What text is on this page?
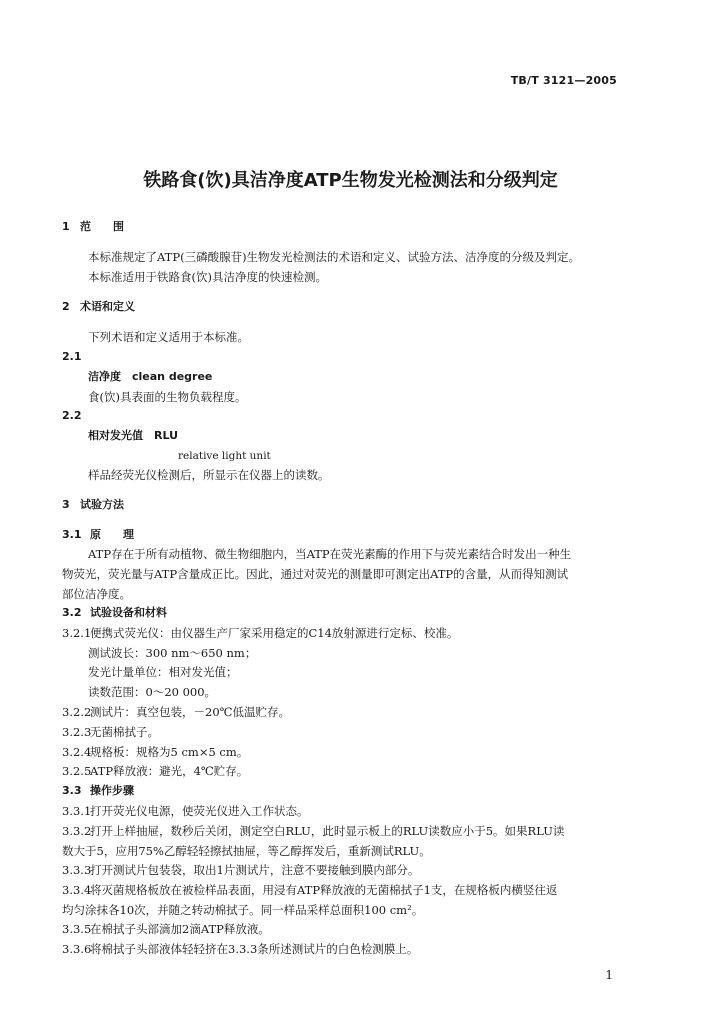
TB/T 3121—2005
铁路食(饮)具洁净度ATP生物发光检测法和分级判定
1 范　　围
本标准规定了ATP(三磷酸腺苷)生物发光检测法的术语和定义、试验方法、洁净度的分级及判定。
本标准适用于铁路食(饮)具洁净度的快速检测。
2 术语和定义
下列术语和定义适用于本标准。
2.1
洁净度　clean degree
食(饮)具表面的生物负载程度。
2.2
相对发光值　RLU
relative light unit
样品经荧光仪检测后，所显示在仪器上的读数。
3 试验方法
3.1 原　　理
ATP存在于所有动植物、微生物细胞内，当ATP在荧光素酶的作用下与荧光素结合时发出一种生
物荧光，荧光量与ATP含量成正比。因此，通过对荧光的测量即可测定出ATP的含量，从而得知测试
部位洁净度。
3.2 试验设备和材料
3.2.1便携式荧光仪：由仪器生产厂家采用稳定的C14放射源进行定标、校准。
测试波长：300 nm～650 nm；
发光计量单位：相对发光值；
读数范围：0～20 000。
3.2.2测试片：真空包装，－20℃低温贮存。
3.2.3无菌棉拭子。
3.2.4规格板：规格为5 cm×5 cm。
3.2.5ATP释放液：避光，4℃贮存。
3.3 操作步骤
3.3.1打开荧光仪电源，使荧光仪进入工作状态。
3.3.2打开上样抽屉，数秒后关闭，测定空白RLU，此时显示板上的RLU读数应小于5。如果RLU读
数大于5，应用75%乙醇轻轻擦拭抽屉，等乙醇挥发后，重新测试RLU。
3.3.3打开测试片包装袋，取出1片测试片，注意不要接触到膜内部分。
3.3.4将灭菌规格板放在被检样品表面，用浸有ATP释放液的无菌棉拭子1支，在规格板内横竖往返
均匀涂抹各10次，并随之转动棉拭子。同一样品采样总面积100 cm²。
3.3.5在棉拭子头部滴加2滴ATP释放液。
3.3.6将棉拭子头部液体轻轻挤在3.3.3条所述测试片的白色检测膜上。
1
